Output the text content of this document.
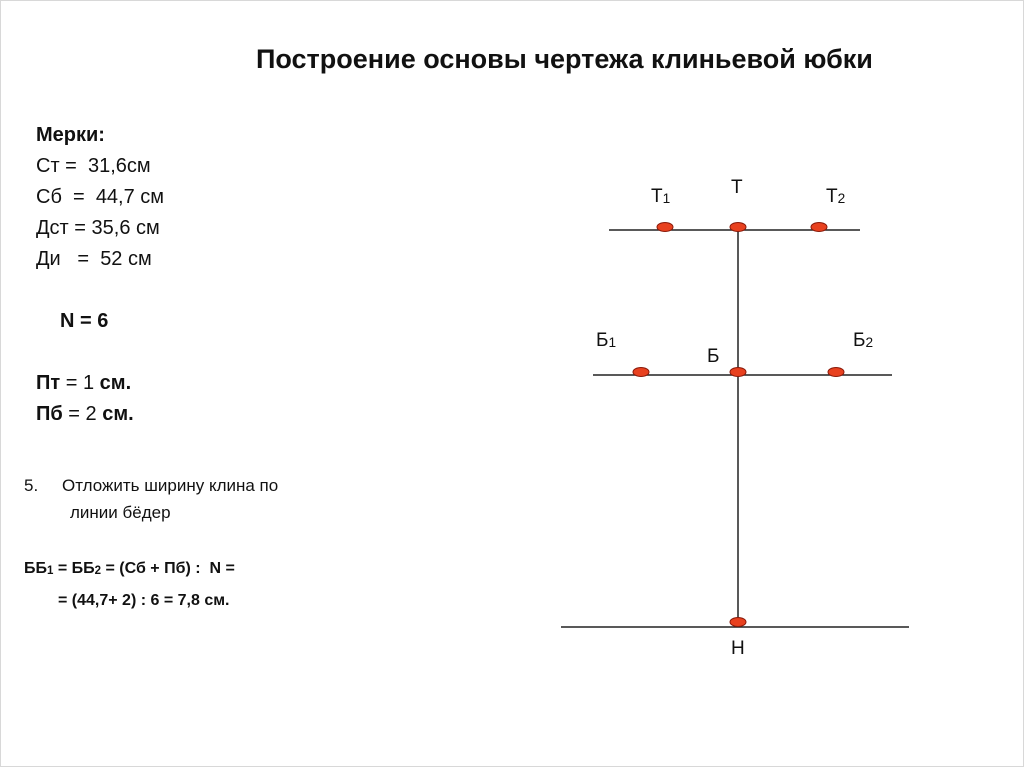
Построение основы чертежа клиньевой юбки
Мерки:
Ст =  31,6см
Сб  =  44,7 см
Дст = 35,6 см
Ди   =  52 см

N = 6

Пт = 1 см.
Пб = 2 см.
5. Отложить ширину клина по
линии бёдер
$ББ_1 = ББ_2 = (Сб + Пб)$ :  N =
= (44,7+ 2) : 6 = 7,8 см.
$Т_1$
Т	$Т_2$
$Б_1$
Б
$Б_2$
Н
